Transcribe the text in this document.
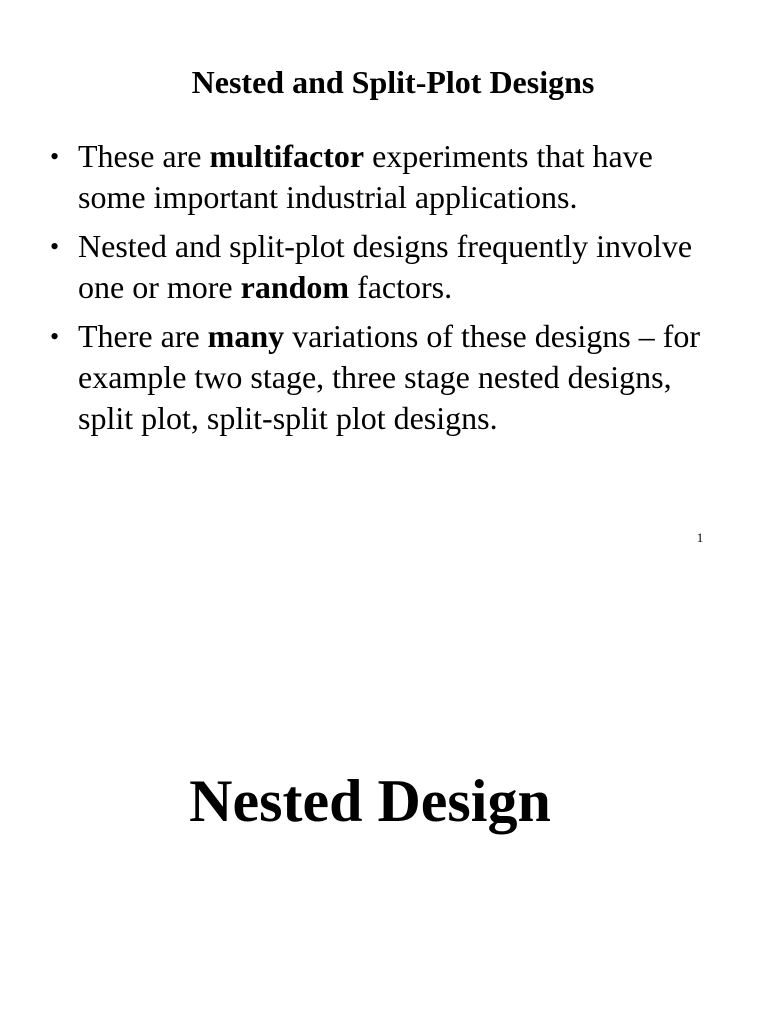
Nested and Split-Plot Designs
• These are multifactor experiments that have some important industrial applications.
• Nested and split-plot designs frequently involve one or more random factors.
• There are many variations of these designs – for example two stage, three stage nested designs, split plot, split-split plot designs.
1
Nested Design
